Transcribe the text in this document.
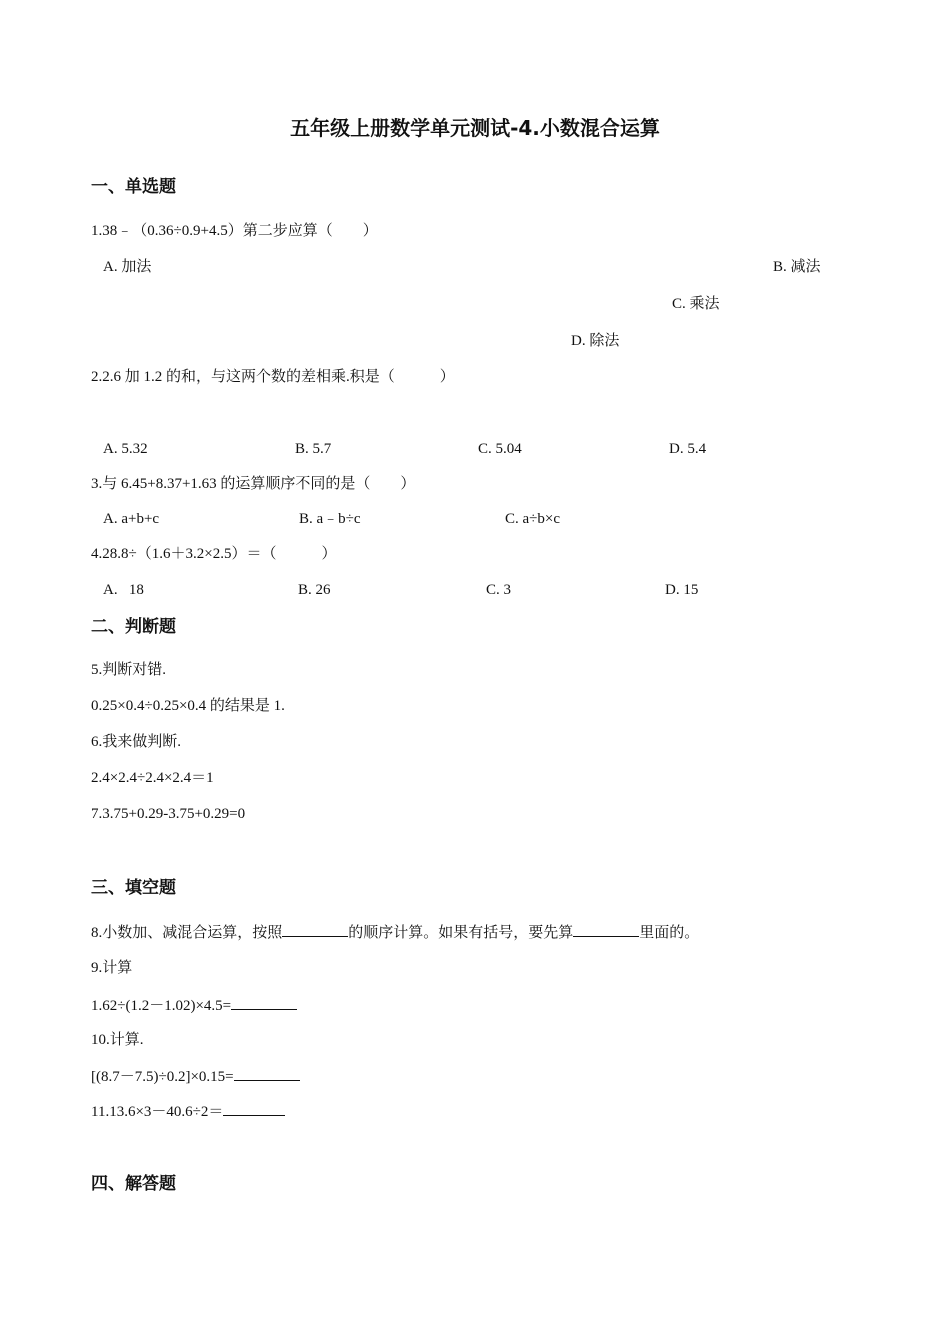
五年级上册数学单元测试-4.小数混合运算
一、单选题
1.38﹣（0.36÷0.9+4.5）第二步应算（　　）
A. 加法	B. 减法
C. 乘法
D. 除法
2.2.6 加 1.2 的和，与这两个数的差相乘.积是（　　　）
A. 5.32	B. 5.7	C. 5.04	D. 5.4
3.与 6.45+8.37+1.63 的运算顺序不同的是（　　）
A. a+b+c	B. a﹣b÷c	C. a÷b×c
4.28.8÷（1.6＋3.2×2.5）＝（　　　）
A.   18	B. 26	C. 3	D. 15
二、判断题
5.判断对错.
0.25×0.4÷0.25×0.4 的结果是 1.
6.我来做判断.
2.4×2.4÷2.4×2.4＝1
7.3.75+0.29-3.75+0.29=0
三、填空题
8.小数加、减混合运算，按照	的顺序计算。如果有括号，要先算	里面的。
9.计算
1.62÷(1.2－1.02)×4.5=
10.计算.
[(8.7－7.5)÷0.2]×0.15=
11.13.6×3－40.6÷2＝
四、解答题
